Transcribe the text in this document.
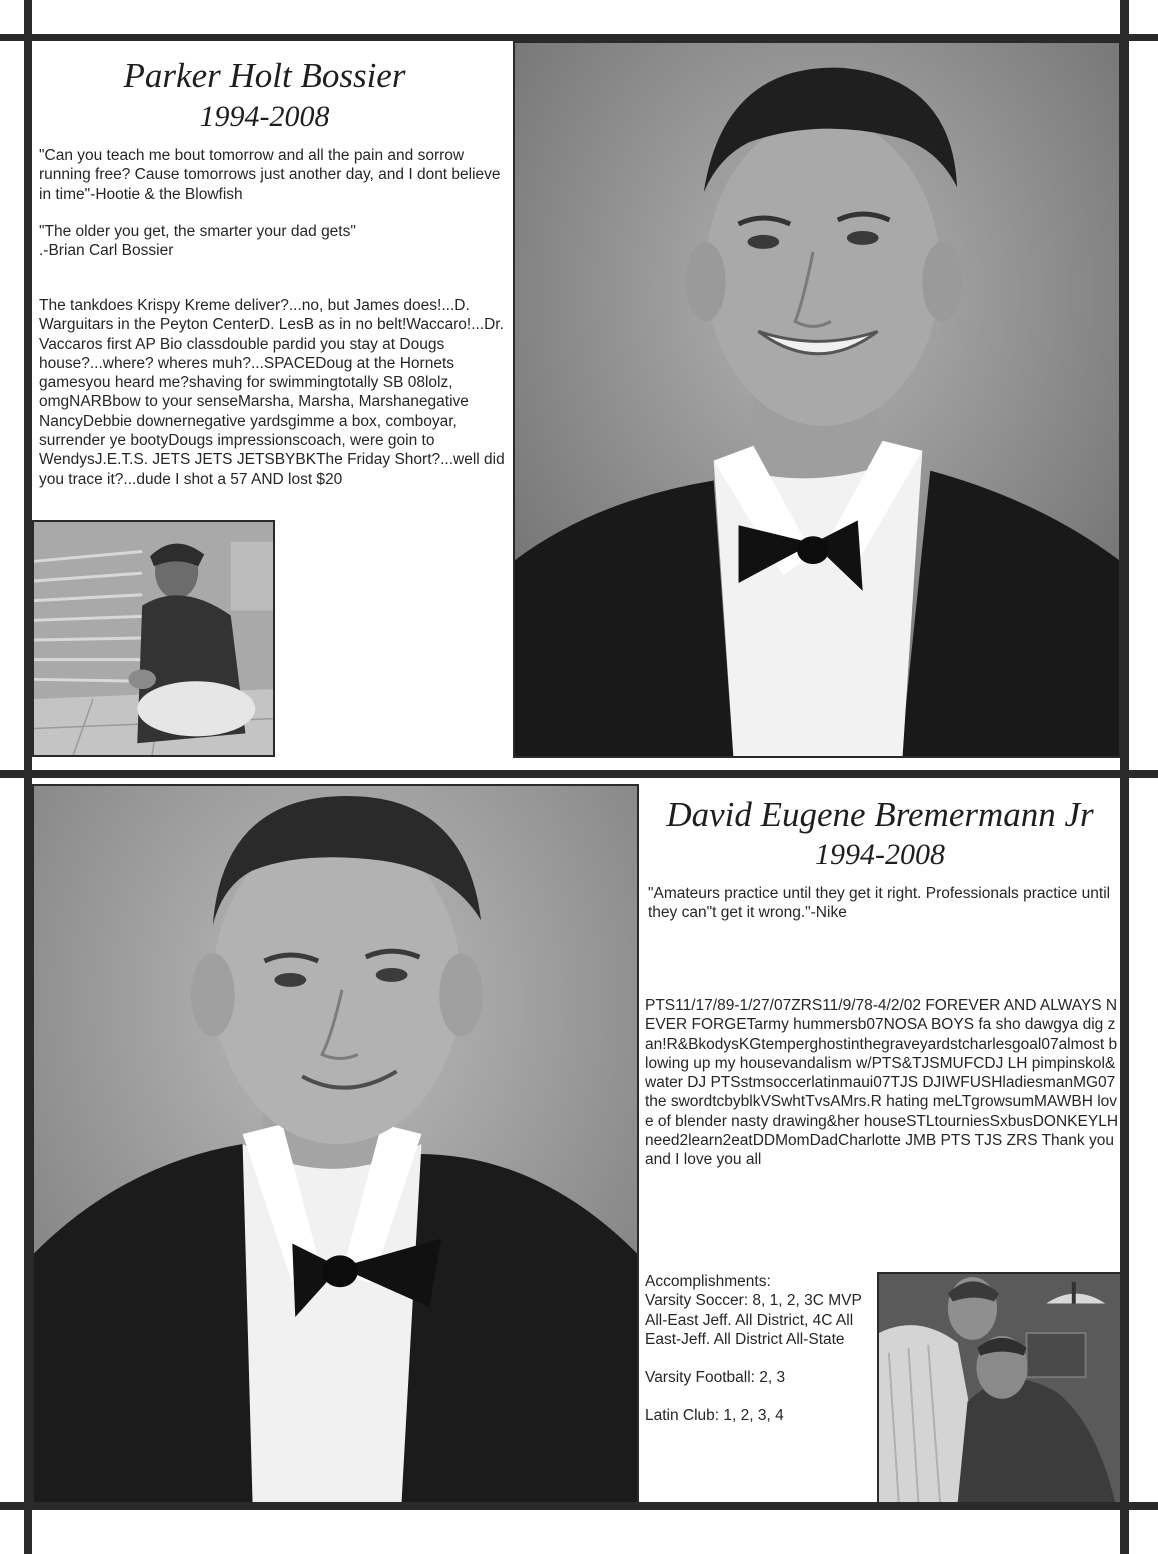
Parker Holt Bossier
1994-2008

"Can you teach me bout tomorrow and all the pain and sorrow running free? Cause tomorrows just another day, and I dont believe in time"-Hootie & the Blowfish

"The older you get, the smarter your dad gets"

.-Brian Carl Bossier

The tankdoes Krispy Kreme deliver?...no, but James does!...D. Warguitars in the Peyton CenterD. LesB as in no belt!Waccaro!...Dr. Vaccaros first AP Bio classdouble pardid you stay at Dougs house?...where? wheres muh?...SPACEDoug at the Hornets gamesyou heard me?shaving for swimmingtotally SB 08lolz, omgNARBbow to your senseMarsha, Marsha, Marshanegative NancyDebbie downernegative yardsgimme a box, comboyar, surrender ye bootyDougs impressionscoach, were goin to WendysJ.E.T.S. JETS JETS JETSBYBKThe Friday Short?...well did you trace it?...dude I shot a 57 AND lost $20

David Eugene Bremermann Jr
1994-2008

"Amateurs practice until they get it right. Professionals practice until they can"t get it wrong."-Nike

PTS11/17/89-1/27/07ZRS11/9/78-4/2/02 FOREVER AND ALWAYS NEVER FORGETarmy hummersb07NOSA BOYS fa sho dawgya dig zan!R&BkodysKGtemperghostinthegraveyardstcharlesgoal07almost blowing up my housevandalism w/PTS&TJSMUFCDJ LH pimpinskol&water DJ PTSstmsoccerlatinmaui07TJS DJIWFUSHladiesmanMG07the swordtcbyblkVSwhtTvsAMrs.R hating meLTgrowsumMAWBH love of blender nasty drawing&her houseSTLtourniesSxbusDONKEYLHneed2learn2eatDDMomDadCharlotte JMB PTS TJS ZRS Thank you and I love you all

Accomplishments:

Varsity Soccer: 8, 1, 2, 3C MVP All-East Jeff. All District, 4C All East-Jeff. All District All-State

Varsity Football: 2, 3

Latin Club: 1, 2, 3, 4
